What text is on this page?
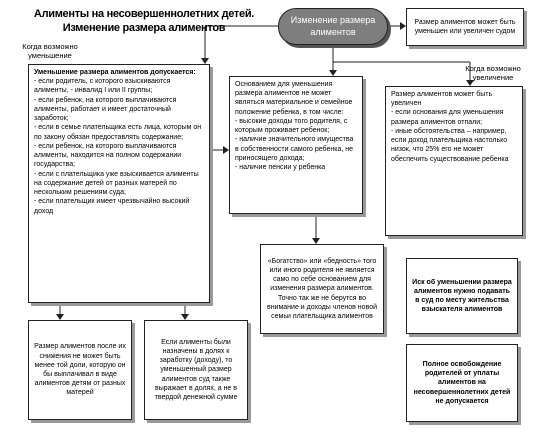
Алименты на несовершеннолетних детей.
Изменение размера алиментов
Изменение размера алиментов
Размер алиментов может быть уменьшен или увеличен судом
Когда возможно уменьшение
Когда возможно увеличение
Уменьшение размера алиментов допускается:
- если родитель, с которого взыскиваются алименты, - инвалид I или II группы;
- если ребенок, на которого выплачиваются алименты, работает и имеет достаточный заработок;
- если в семье плательщика есть лица, которым он по закону обязан предоставлять содержание;
- если ребенок, на которого выплачиваются алименты, находится на полном содержании государства;
- если с плательщика уже взыскивается алименты на содержание детей от разных матерей по нескольким решениям суда;
- если плательщик имеет чрезвычайно высокий доход
Основанием для уменьшения размера алиментов не может являться материальное и семейное положение ребенка, в том числе:
- высокие доходы того родителя, с которым проживает ребенок;
- наличие значительного имущества в собственности самого ребенка, не приносящего дохода;
- наличие пенсии у ребенка
Размер алиментов может быть увеличен
- если основания для уменьшения размера алиментов отпали;
- иные обстоятельства – например, если доход плательщика настолько низок, что 25% его не может обеспечить существование ребенка
«Богатство» или «бедность» того или иного родителя не является само по себе основанием для изменения размера алиментов. Точно так же не берутся во внимание и доходы членов новой семьи плательщика алиментов
Иск об уменьшении размера алиментов нужно подавать в суд по месту жительства взыскателя алиментов
Полное освобождение родителей от уплаты алиментов на несовершеннолетних детей не допускается
Размер алиментов после их снижения не может быть менее той доли, которую он бы выплачивал в виде алиментов детям от разных матерей
Если алименты были назначены в долях к заработку (доходу), то уменьшенный размер алиментов суд также выражает в долях, а не в твердой денежной сумме
